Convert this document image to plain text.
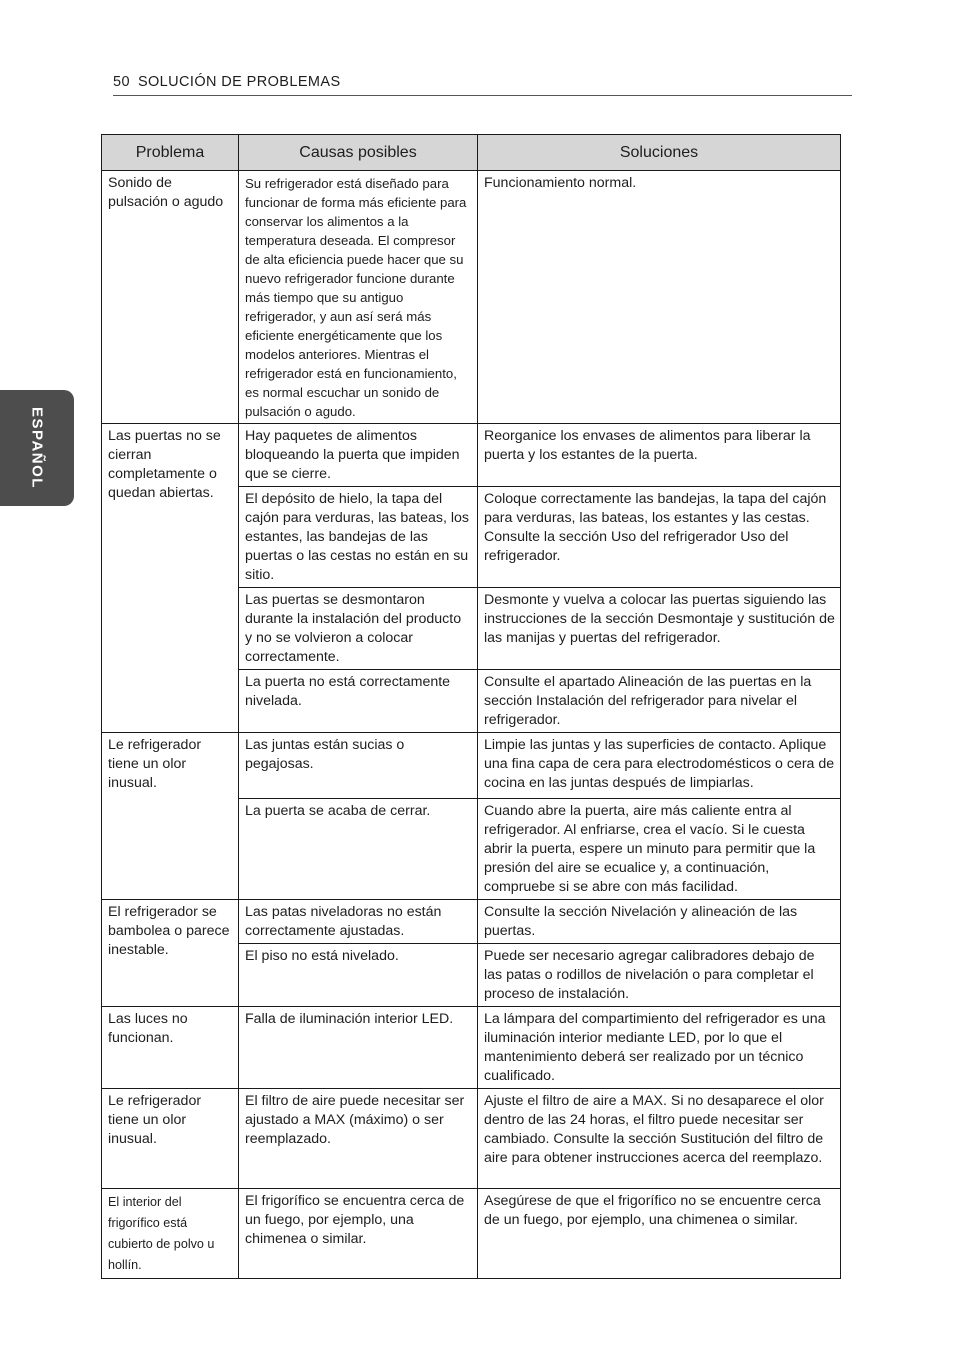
50 SOLUCIÓN DE PROBLEMAS
ESPAÑOL
Problema	Causas posibles	Soluciones
Sonido de pulsación o agudo	Su refrigerador está diseñado para funcionar de forma más eficiente para conservar los alimentos a la temperatura deseada. El compresor de alta eficiencia puede hacer que su nuevo refrigerador funcione durante más tiempo que su antiguo refrigerador, y aun así será más eficiente energéticamente que los modelos anteriores. Mientras el refrigerador está en funcionamiento, es normal escuchar un sonido de pulsación o agudo.	Funcionamiento normal.
Las puertas no se cierran completamente o quedan abiertas.	Hay paquetes de alimentos bloqueando la puerta que impiden que se cierre.	Reorganice los envases de alimentos para liberar la puerta y los estantes de la puerta.
	El depósito de hielo, la tapa del cajón para verduras, las bateas, los estantes, las bandejas de las puertas o las cestas no están en su sitio.	Coloque correctamente las bandejas, la tapa del cajón para verduras, las bateas, los estantes y las cestas. Consulte la sección Uso del refrigerador Uso del refrigerador.
	Las puertas se desmontaron durante la instalación del producto y no se volvieron a colocar correctamente.	Desmonte y vuelva a colocar las puertas siguiendo las instrucciones de la sección Desmontaje y sustitución de las manijas y puertas del refrigerador.
	La puerta no está correctamente nivelada.	Consulte el apartado Alineación de las puertas en la sección Instalación del refrigerador para nivelar el refrigerador.
Le refrigerador tiene un olor inusual.	Las juntas están sucias o pegajosas.	Limpie las juntas y las superficies de contacto. Aplique una fina capa de cera para electrodomésticos o cera de cocina en las juntas después de limpiarlas.
	La puerta se acaba de cerrar.	Cuando abre la puerta, aire más caliente entra al refrigerador. Al enfriarse, crea el vacío. Si le cuesta abrir la puerta, espere un minuto para permitir que la presión del aire se ecualice y, a continuación, compruebe si se abre con más facilidad.
El refrigerador se bambolea o parece inestable.	Las patas niveladoras no están correctamente ajustadas.	Consulte la sección Nivelación y alineación de las puertas.
	El piso no está nivelado.	Puede ser necesario agregar calibradores debajo de las patas o rodillos de nivelación o para completar el proceso de instalación.
Las luces no funcionan.	Falla de iluminación interior LED.	La lámpara del compartimiento del refrigerador es una iluminación interior mediante LED, por lo que el mantenimiento deberá ser realizado por un técnico cualificado.
Le refrigerador tiene un olor inusual.	El filtro de aire puede necesitar ser ajustado a MAX (máximo) o ser reemplazado.	Ajuste el filtro de aire a MAX. Si no desaparece el olor dentro de las 24 horas, el filtro puede necesitar ser cambiado. Consulte la sección Sustitución del filtro de aire para obtener instrucciones acerca del reemplazo.
El interior del frigorífico está cubierto de polvo u hollín.	El frigorífico se encuentra cerca de un fuego, por ejemplo, una chimenea o similar.	Asegúrese de que el frigorífico no se encuentre cerca de un fuego, por ejemplo, una chimenea o similar.
